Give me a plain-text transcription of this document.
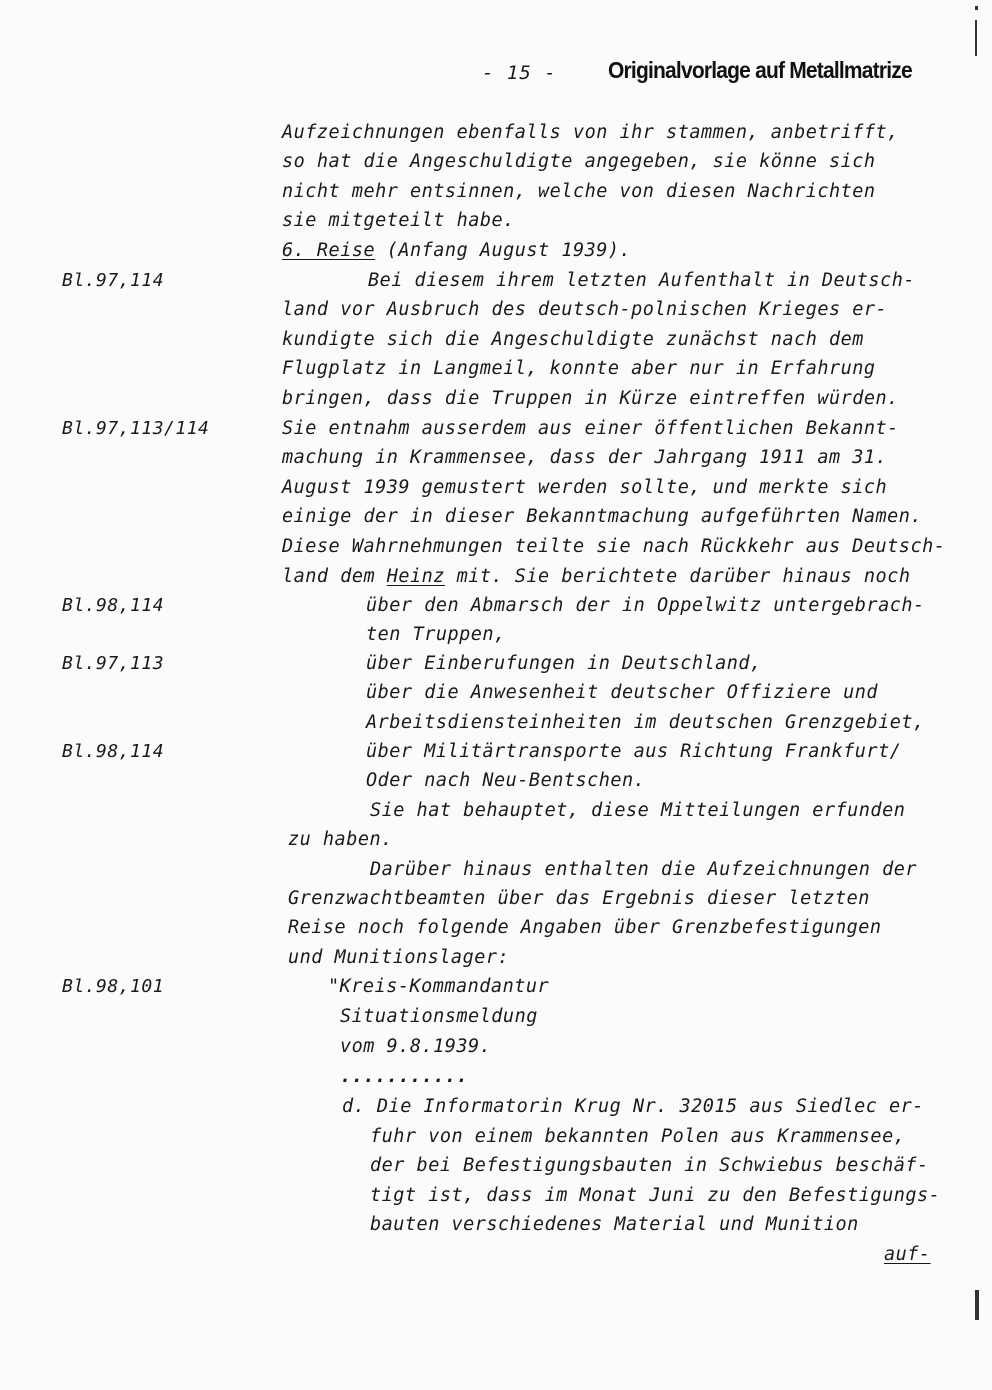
- 15 - Originalvorlage auf Metallmatrize
Bl.97,114
Bl.97,113/114
Bl.98,114
Bl.97,113
Bl.98,114
Bl.98,101
Aufzeichnungen ebenfalls von ihr stammen, anbetrifft,
so hat die Angeschuldigte angegeben, sie könne sich
nicht mehr entsinnen, welche von diesen Nachrichten
sie mitgeteilt habe.
6. Reise (Anfang August 1939).
Bei diesem ihrem letzten Aufenthalt in Deutsch-
land vor Ausbruch des deutsch-polnischen Krieges er-
kundigte sich die Angeschuldigte zunächst nach dem
Flugplatz in Langmeil, konnte aber nur in Erfahrung
bringen, dass die Truppen in Kürze eintreffen würden.
Sie entnahm ausserdem aus einer öffentlichen Bekannt-
machung in Krammensee, dass der Jahrgang 1911 am 31.
August 1939 gemustert werden sollte, und merkte sich
einige der in dieser Bekanntmachung aufgeführten Namen.
Diese Wahrnehmungen teilte sie nach Rückkehr aus Deutsch-
land dem Heinz mit. Sie berichtete darüber hinaus noch
über den Abmarsch der in Oppelwitz untergebrach-
ten Truppen,
über Einberufungen in Deutschland,
über die Anwesenheit deutscher Offiziere und
Arbeitsdiensteinheiten im deutschen Grenzgebiet,
über Militärtransporte aus Richtung Frankfurt/
Oder nach Neu-Bentschen.
Sie hat behauptet, diese Mitteilungen erfunden
zu haben.
Darüber hinaus enthalten die Aufzeichnungen der
Grenzwachtbeamten über das Ergebnis dieser letzten
Reise noch folgende Angaben über Grenzbefestigungen
und Munitionslager:
"Kreis-Kommandantur
Situationsmeldung
vom 9.8.1939.
...........
d. Die Informatorin Krug Nr. 32015 aus Siedlec er-
fuhr von einem bekannten Polen aus Krammensee,
der bei Befestigungsbauten in Schwiebus beschäf-
tigt ist, dass im Monat Juni zu den Befestigungs-
bauten verschiedenes Material und Munition
auf-
